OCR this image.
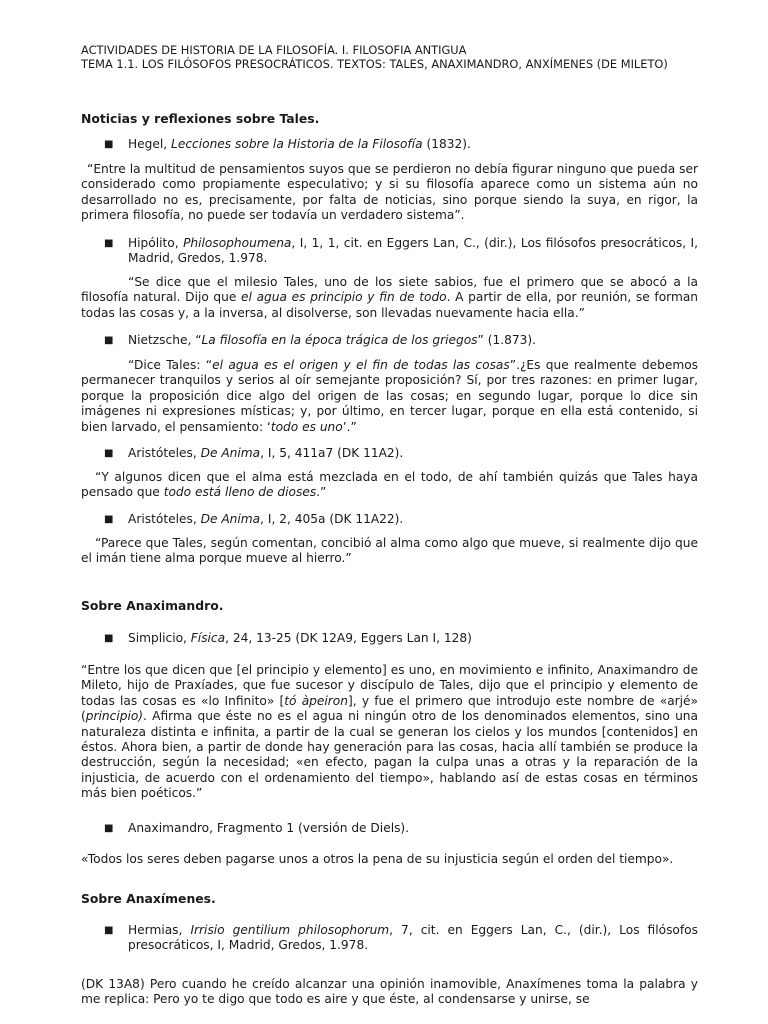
ACTIVIDADES DE HISTORIA DE LA FILOSOFÍA. I. FILOSOFIA ANTIGUA
TEMA 1.1. LOS FILÓSOFOS PRESOCRÁTICOS. TEXTOS: TALES, ANAXIMANDRO, ANXÍMENES (DE MILETO)
Noticias y reflexiones sobre Tales.
■ Hegel, Lecciones sobre la Historia de la Filosofía (1832).
“Entre la multitud de pensamientos suyos que se perdieron no debía figurar ninguno que pueda ser considerado como propiamente especulativo; y si su filosofía aparece como un sistema aún no desarrollado no es, precisamente, por falta de noticias, sino porque siendo la suya, en rigor, la primera filosofía, no puede ser todavía un verdadero sistema”.
■ Hipólito, Philosophoumena, I, 1, 1, cit. en Eggers Lan, C., (dir.), Los filósofos presocráticos, I, Madrid, Gredos, 1.978.
“Se dice que el milesio Tales, uno de los siete sabios, fue el primero que se abocó a la filosofía natural. Dijo que el agua es principio y fin de todo. A partir de ella, por reunión, se forman todas las cosas y, a la inversa, al disolverse, son llevadas nuevamente hacia ella.”
■ Nietzsche, “La filosofía en la época trágica de los griegos” (1.873).
“Dice Tales: “el agua es el origen y el fin de todas las cosas”.¿Es que realmente debemos permanecer tranquilos y serios al oír semejante proposición? Sí, por tres razones: en primer lugar, porque la proposición dice algo del origen de las cosas; en segundo lugar, porque lo dice sin imágenes ni expresiones místicas; y, por último, en tercer lugar, porque en ella está contenido, si bien larvado, el pensamiento: ‘todo es uno’.”
■ Aristóteles, De Anima, I, 5, 411a7 (DK 11A2).
“Y algunos dicen que el alma está mezclada en el todo, de ahí también quizás que Tales haya pensado que todo está lleno de dioses.”
■ Aristóteles, De Anima, I, 2, 405a (DK 11A22).
“Parece que Tales, según comentan, concibió al alma como algo que mueve, si realmente dijo que el imán tiene alma porque mueve al hierro.”
Sobre Anaximandro.
■ Simplicio, Física, 24, 13-25 (DK 12A9, Eggers Lan I, 128)
“Entre los que dicen que [el principio y elemento] es uno, en movimiento e infinito, Anaximandro de Mileto, hijo de Praxíades, que fue sucesor y discípulo de Tales, dijo que el principio y elemento de todas las cosas es «lo Infinito» [tó àpeiron], y fue el primero que introdujo este nombre de «arjé» (principio). Afirma que éste no es el agua ni ningún otro de los denominados elementos, sino una naturaleza distinta e infinita, a partir de la cual se generan los cielos y los mundos [contenidos] en éstos. Ahora bien, a partir de donde hay generación para las cosas, hacia allí también se produce la destrucción, según la necesidad; «en efecto, pagan la culpa unas a otras y la reparación de la injusticia, de acuerdo con el ordenamiento del tiempo», hablando así de estas cosas en términos más bien poéticos.”
■ Anaximandro, Fragmento 1 (versión de Diels).
«Todos los seres deben pagarse unos a otros la pena de su injusticia según el orden del tiempo».
Sobre Anaxímenes.
■ Hermias, Irrisio gentilium philosophorum, 7, cit. en Eggers Lan, C., (dir.), Los filósofos presocráticos, I, Madrid, Gredos, 1.978.
(DK 13A8) Pero cuando he creído alcanzar una opinión inamovible, Anaxímenes toma la palabra y me replica: Pero yo te digo que todo es aire y que éste, al condensarse y unirse, se
